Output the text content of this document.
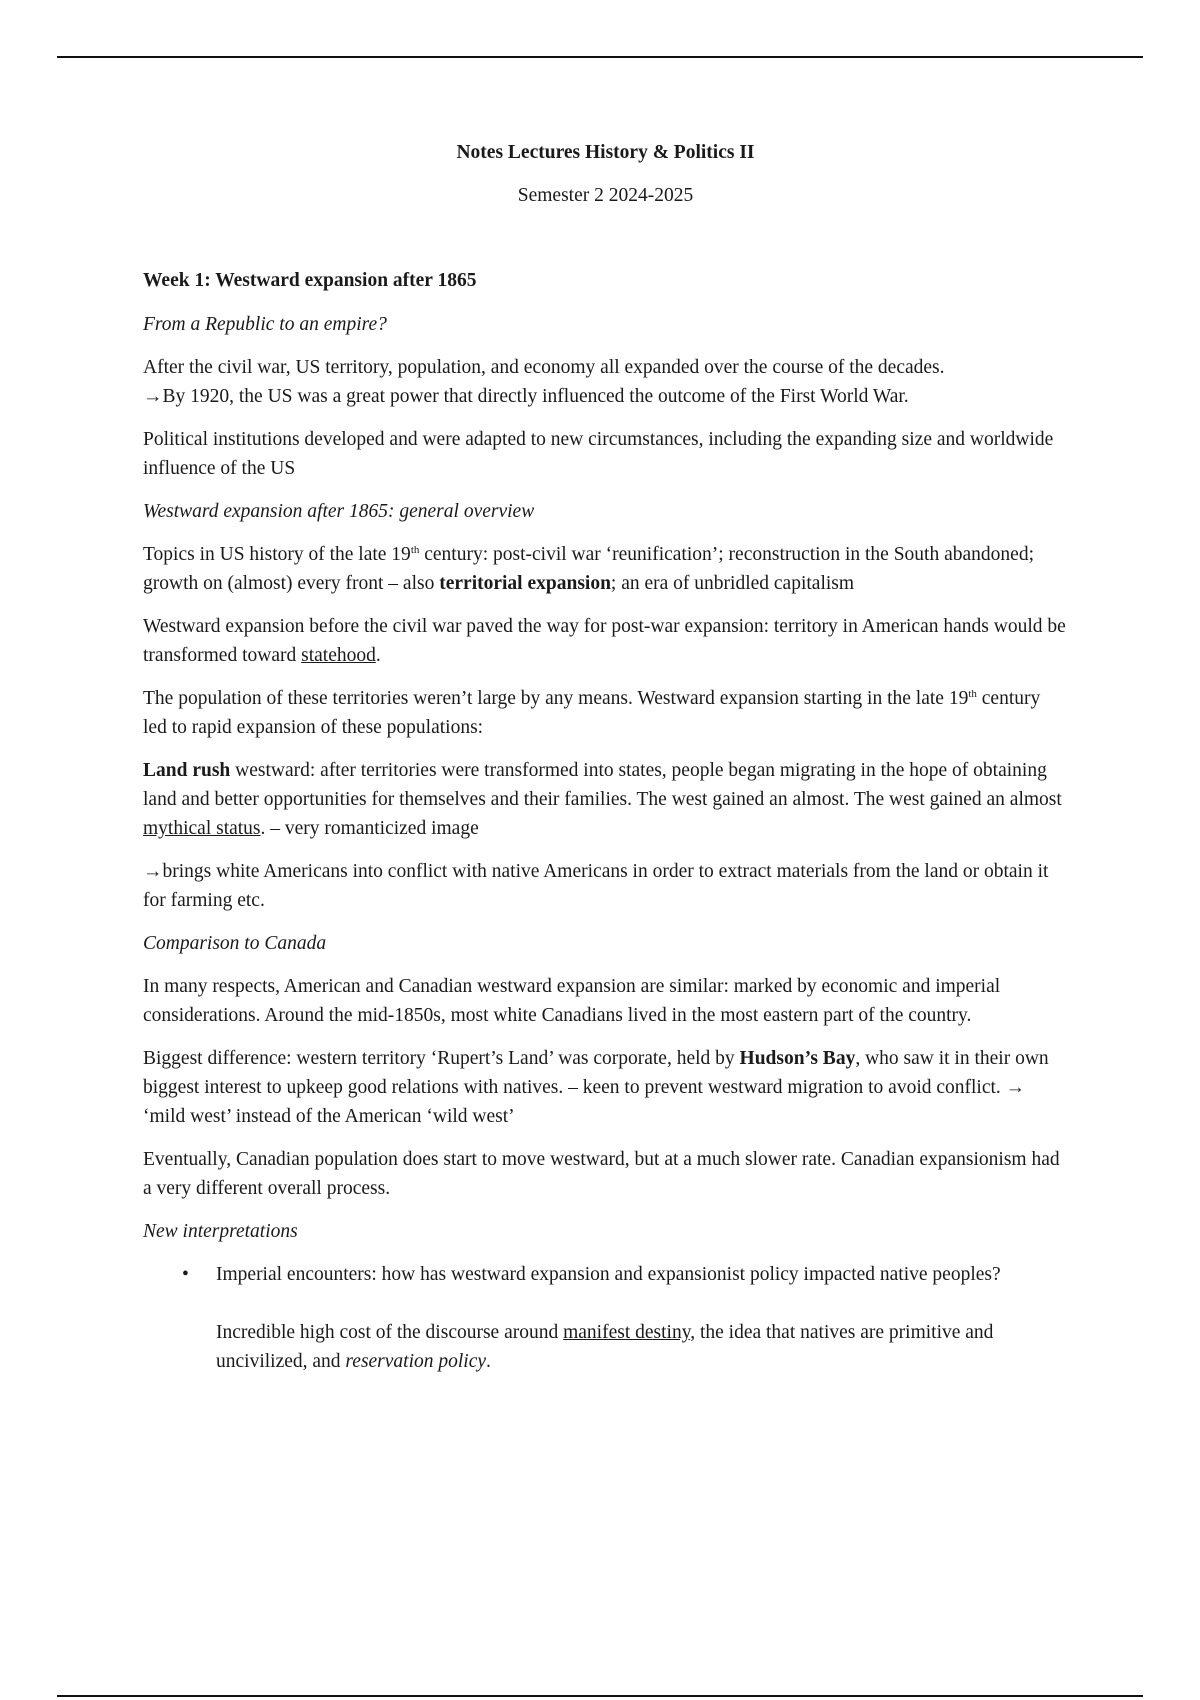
Notes Lectures History & Politics II

Semester 2 2024-2025

Week 1: Westward expansion after 1865

From a Republic to an empire?

After the civil war, US territory, population, and economy all expanded over the course of the decades.
→By 1920, the US was a great power that directly influenced the outcome of the First World War.

Political institutions developed and were adapted to new circumstances, including the expanding size and worldwide influence of the US

Westward expansion after 1865: general overview

Topics in US history of the late 19th century: post-civil war ‘reunification’; reconstruction in the South abandoned; growth on (almost) every front – also territorial expansion; an era of unbridled capitalism

Westward expansion before the civil war paved the way for post-war expansion: territory in American hands would be transformed toward statehood.

The population of these territories weren’t large by any means. Westward expansion starting in the late 19th century led to rapid expansion of these populations:

Land rush westward: after territories were transformed into states, people began migrating in the hope of obtaining land and better opportunities for themselves and their families. The west gained an almost. The west gained an almost mythical status. – very romanticized image

→brings white Americans into conflict with native Americans in order to extract materials from the land or obtain it for farming etc.

Comparison to Canada

In many respects, American and Canadian westward expansion are similar: marked by economic and imperial considerations. Around the mid-1850s, most white Canadians lived in the most eastern part of the country.

Biggest difference: western territory ‘Rupert’s Land’ was corporate, held by Hudson’s Bay, who saw it in their own biggest interest to upkeep good relations with natives. – keen to prevent westward migration to avoid conflict. → ‘mild west’ instead of the American ‘wild west’

Eventually, Canadian population does start to move westward, but at a much slower rate. Canadian expansionism had a very different overall process.

New interpretations

• Imperial encounters: how has westward expansion and expansionist policy impacted native peoples?
Incredible high cost of the discourse around manifest destiny, the idea that natives are primitive and uncivilized, and reservation policy.
